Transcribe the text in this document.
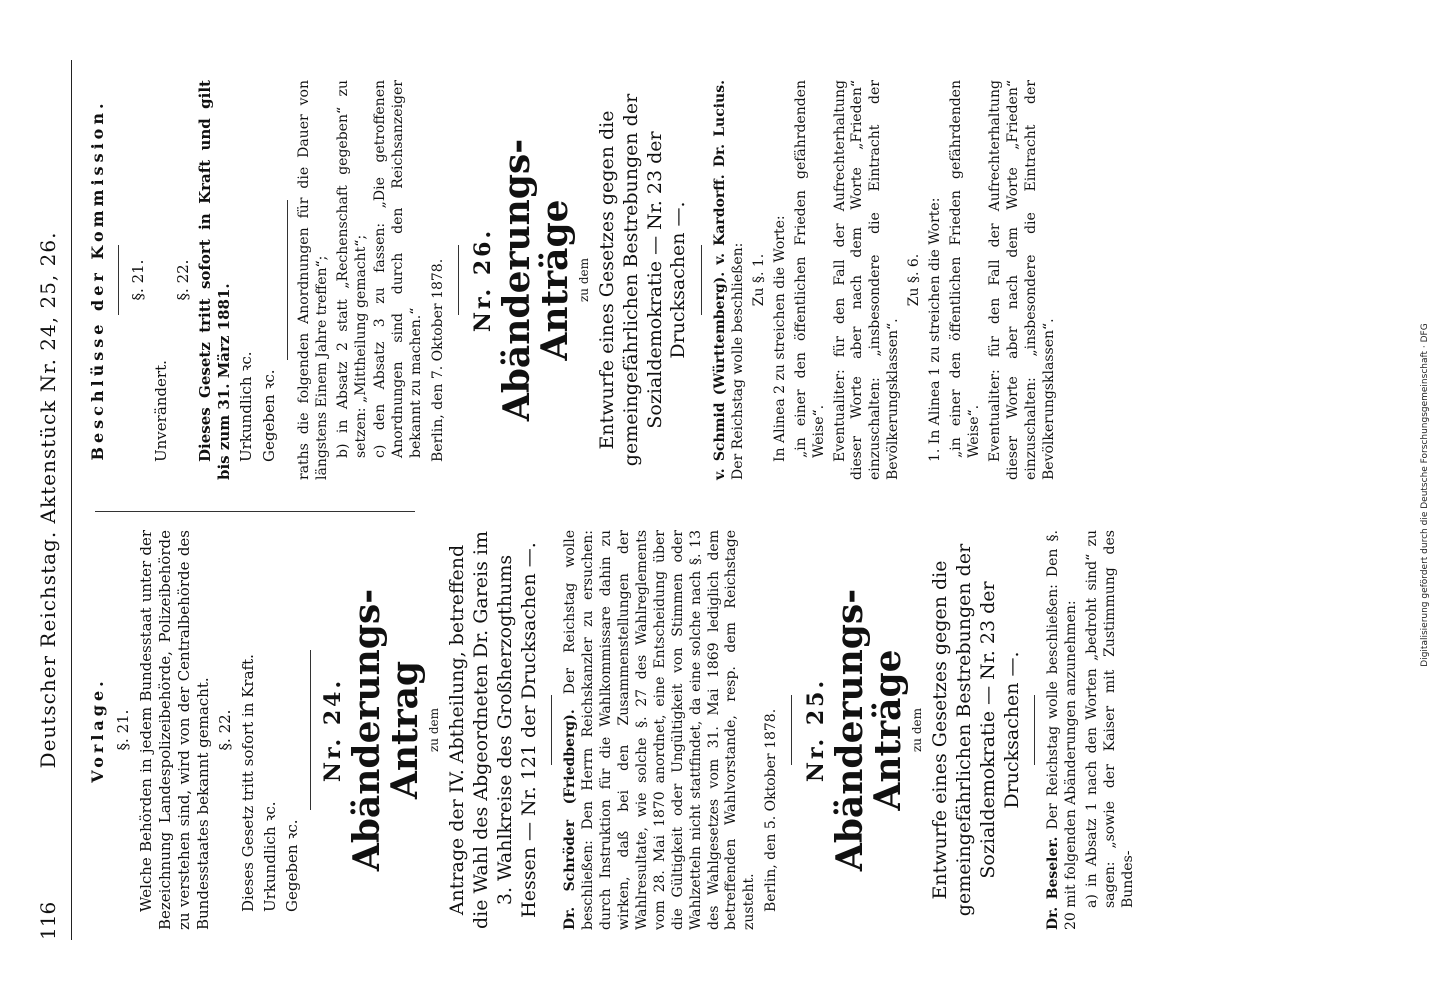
116
Deutscher Reichstag. Aktenstück Nr. 24, 25, 26. Vorlage. §. 21. Welche Behörden in jedem Bundesstaat unter der Bezeichnung Landespolizeibehörde, Polizeibehörde zu verstehen sind, wird von der Centralbehörde des Bundesstaates bekannt gemacht. §. 22. Dieses Gesetz tritt sofort in Kraft. Urkundlich ꝛc. Gegeben ꝛc.
Nr. 24. Abänderungs-Antrag zu dem Antrage der IV. Abtheilung, betreffend die Wahl des Abgeordneten Dr. Gareis im 3. Wahlkreise des Großherzogthums Hessen — Nr. 121 der Drucksachen —. Dr. Schröder (Friedberg). Der Reichstag wolle beschließen: Den Herrn Reichskanzler zu ersuchen: durch Instruktion für die Wahlkommissare dahin zu wirken, daß bei den Zusammenstellungen der Wahlresultate, wie solche §. 27 des Wahlreglements vom 28. Mai 1870 anordnet, eine Entscheidung über die Gültigkeit oder Ungültigkeit von Stimmen oder Wahlzetteln nicht stattfindet, da eine solche nach §. 13 des Wahlgesetzes vom 31. Mai 1869 lediglich dem betreffenden Wahlvorstande, resp. dem Reichstage zusteht. Berlin, den 5. Oktober 1878. Nr. 25. Abänderungs-Anträge zu dem Entwurfe eines Gesetzes gegen die gemeingefährlichen Bestrebungen der Sozialdemokratie — Nr. 23 der Drucksachen —.
Dr. Beseler. Der Reichstag wolle beschließen: Den §. 20 mit folgenden Abänderungen anzunehmen: a) in Absatz 1 nach den Worten „bedroht sind“ zu sagen: „sowie der Kaiser mit Zustimmung des Bundes-
Beschlüsse der Kommission. §. 21.
Unverändert.
§. 22. Dieses Gesetz tritt sofort in Kraft und gilt bis zum 31. März 1881. Urkundlich ꝛc. Gegeben ꝛc. raths die folgenden Anordnungen für die Dauer von längstens Einem Jahre treffen“; b) in Absatz 2 statt „Rechenschaft gegeben“ zu setzen: „Mittheilung gemacht“; c) den Absatz 3 zu fassen: „Die getroffenen Anordnungen sind durch den Reichsanzeiger bekannt zu machen.“ Berlin, den 7. Oktober 1878. Nr. 26. Abänderungs-Anträge zu dem Entwurfe eines Gesetzes gegen die gemeingefährlichen Bestrebungen der Sozialdemokratie — Nr. 23 der Drucksachen —. v. Schmid (Württemberg). v. Kardorff. Dr. Lucius. Der Reichstag wolle beschließen: Zu §. 1. In Alinea 2 zu streichen die Worte: „in einer den öffentlichen Frieden gefährdenden Weise“. Eventualiter: für den Fall der Aufrechterhaltung dieser Worte aber nach dem Worte „Frieden“ einzuschalten: „insbesondere die Eintracht der Bevölkerungsklassen“.
Zu §. 6. 1. In Alinea 1 zu streichen die Worte: „in einer den öffentlichen Frieden gefährdenden Weise“. Eventualiter: für den Fall der Aufrechterhaltung dieser Worte aber nach dem Worte „Frieden“ einzuschalten: „insbesondere die Eintracht der Bevölkerungsklassen“.	Digitalisierung gefördert durch die Deutsche Forschungsgemeinschaft · DFG
